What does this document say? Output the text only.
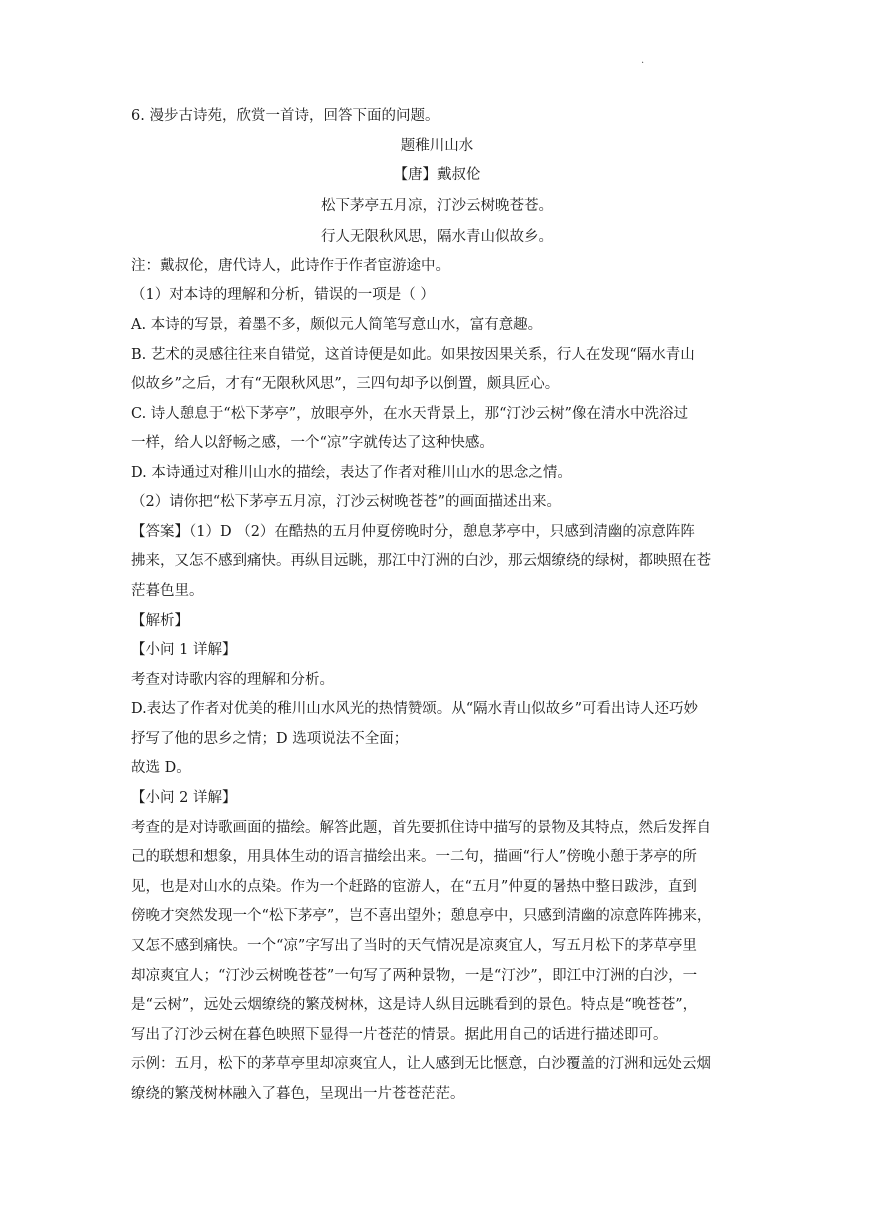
.
6. 漫步古诗苑，欣赏一首诗，回答下面的问题。
题稚川山水
【唐】戴叔伦
松下茅亭五月凉，汀沙云树晚苍苍。
行人无限秋风思，隔水青山似故乡。
注：戴叔伦，唐代诗人，此诗作于作者宦游途中。
（1）对本诗的理解和分析，错误的一项是（ ）
A. 本诗的写景，着墨不多，颇似元人简笔写意山水，富有意趣。
B. 艺术的灵感往往来自错觉，这首诗便是如此。如果按因果关系，行人在发现“隔水青山
似故乡”之后，才有“无限秋风思”，三四句却予以倒置，颇具匠心。
C. 诗人憩息于“松下茅亭”，放眼亭外，在水天背景上，那“汀沙云树”像在清水中洗浴过
一样，给人以舒畅之感，一个“凉”字就传达了这种快感。
D. 本诗通过对稚川山水的描绘，表达了作者对稚川山水的思念之情。
（2）请你把“松下茅亭五月凉，汀沙云树晚苍苍”的画面描述出来。
【答案】（1）D （2）在酷热的五月仲夏傍晚时分，憩息茅亭中，只感到清幽的凉意阵阵
拂来，又怎不感到痛快。再纵目远眺，那江中汀洲的白沙，那云烟缭绕的绿树，都映照在苍
茫暮色里。
【解析】
【小问 1 详解】
考查对诗歌内容的理解和分析。
D.表达了作者对优美的稚川山水风光的热情赞颂。从“隔水青山似故乡”可看出诗人还巧妙
抒写了他的思乡之情；D 选项说法不全面；
故选 D。
【小问 2 详解】
考查的是对诗歌画面的描绘。解答此题，首先要抓住诗中描写的景物及其特点，然后发挥自
己的联想和想象，用具体生动的语言描绘出来。一二句，描画“行人”傍晚小憩于茅亭的所
见，也是对山水的点染。作为一个赶路的宦游人，在“五月”仲夏的暑热中整日跋涉，直到
傍晚才突然发现一个“松下茅亭”，岂不喜出望外；憩息亭中，只感到清幽的凉意阵阵拂来，
又怎不感到痛快。一个“凉”字写出了当时的天气情况是凉爽宜人，写五月松下的茅草亭里
却凉爽宜人；“汀沙云树晚苍苍”一句写了两种景物，一是“汀沙”，即江中汀洲的白沙，一
是“云树”，远处云烟缭绕的繁茂树林，这是诗人纵目远眺看到的景色。特点是“晚苍苍”，
写出了汀沙云树在暮色映照下显得一片苍茫的情景。据此用自己的话进行描述即可。
示例：五月，松下的茅草亭里却凉爽宜人，让人感到无比惬意，白沙覆盖的汀洲和远处云烟
缭绕的繁茂树林融入了暮色，呈现出一片苍苍茫茫。
